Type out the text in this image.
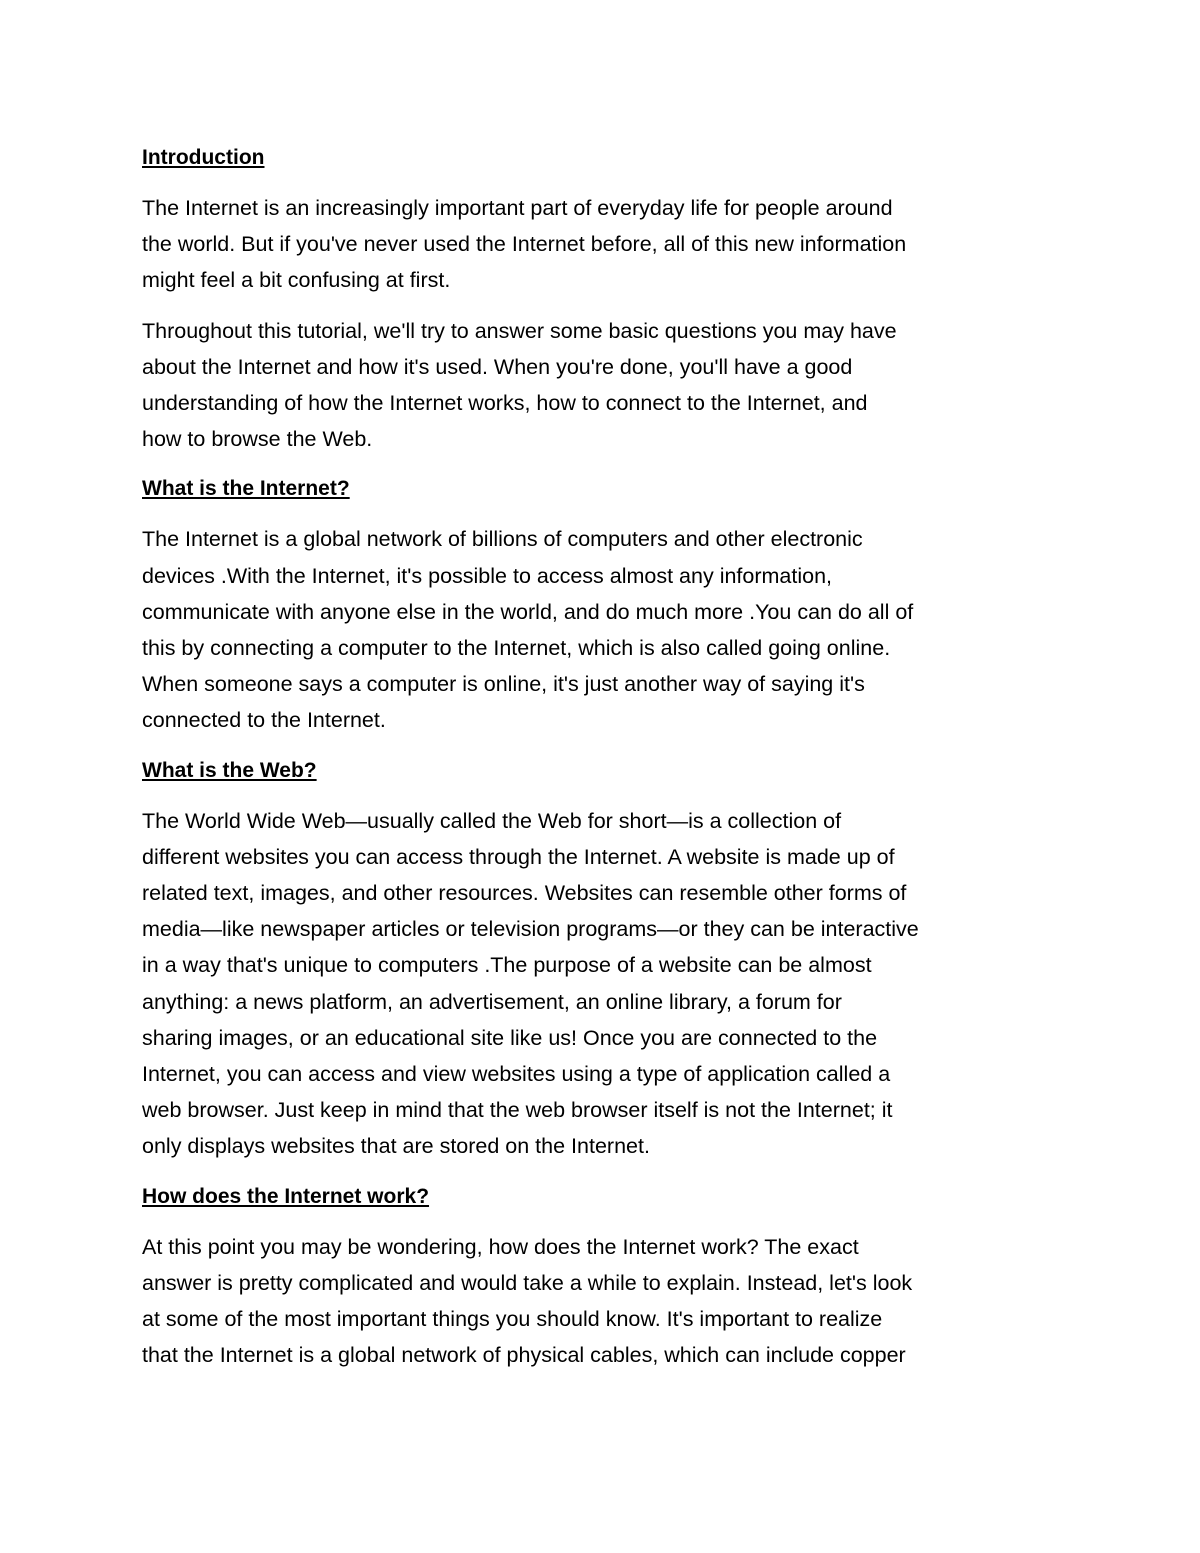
Introduction
The Internet is an increasingly important part of everyday life for people around
the world. But if you've never used the Internet before, all of this new information
might feel a bit confusing at first.
Throughout this tutorial, we'll try to answer some basic questions you may have
about the Internet and how it's used. When you're done, you'll have a good
understanding of how the Internet works, how to connect to the Internet, and
how to browse the Web.
What is the Internet?
The Internet is a global network of billions of computers and other electronic
devices .With the Internet, it's possible to access almost any information,
communicate with anyone else in the world, and do much more .You can do all of
this by connecting a computer to the Internet, which is also called going online.
When someone says a computer is online, it's just another way of saying it's
connected to the Internet.
What is the Web?
The World Wide Web—usually called the Web for short—is a collection of
different websites you can access through the Internet. A website is made up of
related text, images, and other resources. Websites can resemble other forms of
media—like newspaper articles or television programs—or they can be interactive
in a way that's unique to computers .The purpose of a website can be almost
anything: a news platform, an advertisement, an online library, a forum for
sharing images, or an educational site like us! Once you are connected to the
Internet, you can access and view websites using a type of application called a
web browser. Just keep in mind that the web browser itself is not the Internet; it
only displays websites that are stored on the Internet.
How does the Internet work?
At this point you may be wondering, how does the Internet work? The exact
answer is pretty complicated and would take a while to explain. Instead, let's look
at some of the most important things you should know. It's important to realize
that the Internet is a global network of physical cables, which can include copper
